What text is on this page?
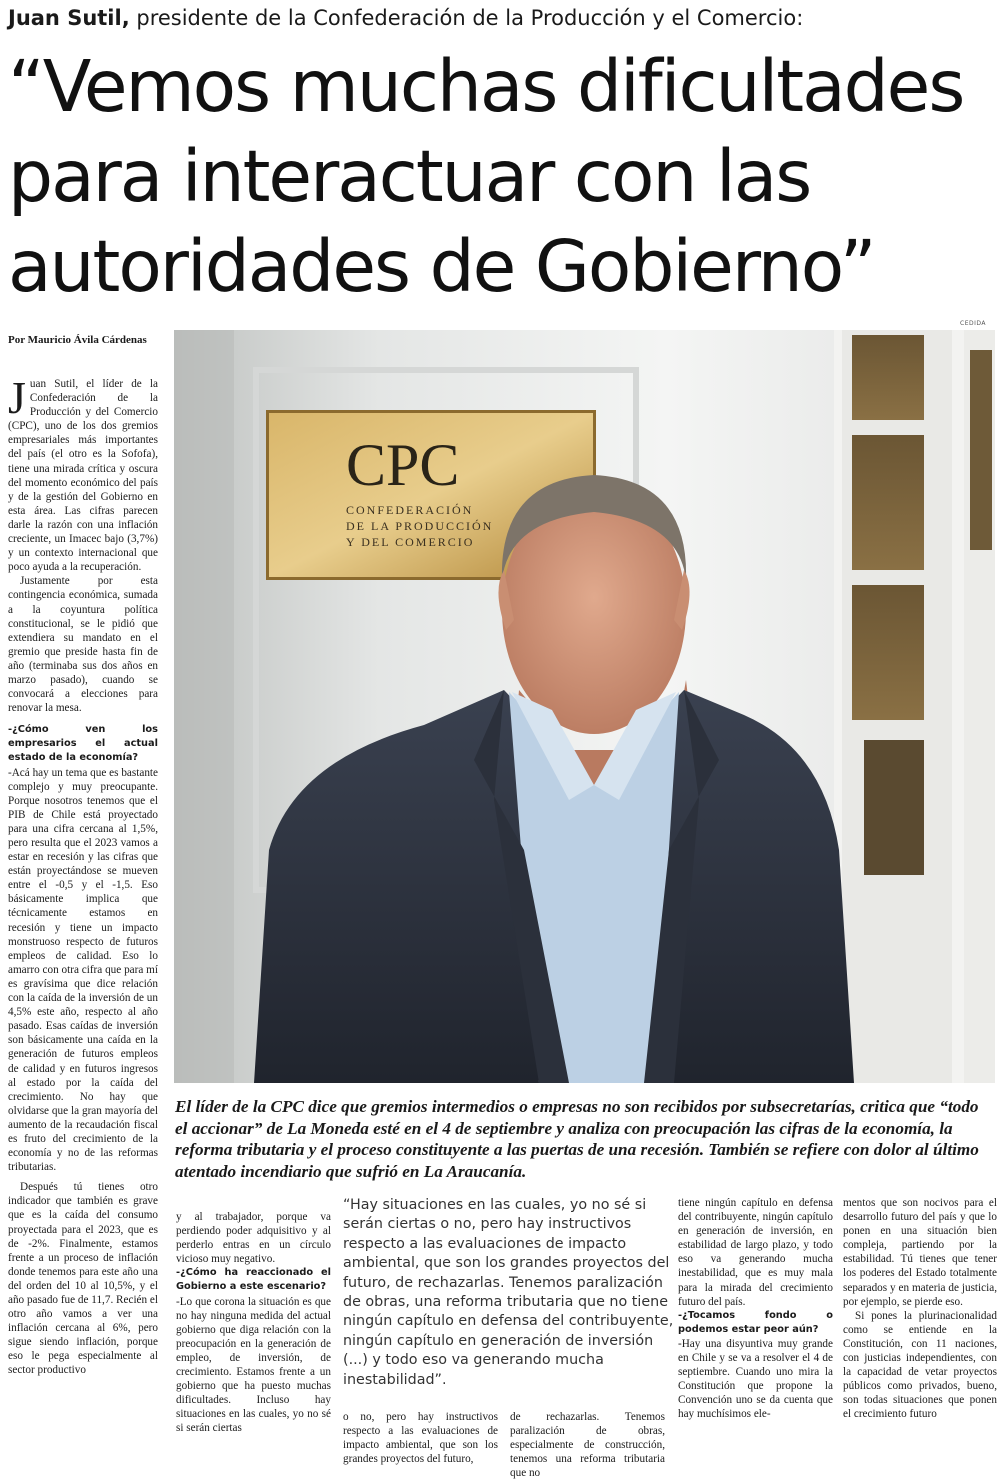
Juan Sutil, presidente de la Confederación de la Producción y el Comercio:
“Vemos muchas dificultades para interactuar con las autoridades de Gobierno”
Por Mauricio Ávila Cárdenas
CEDIDA
CPC
CONFEDERACIÓN
DE LA PRODUCCIÓN
Y DEL COMERCIO

Juan Sutil, el líder de la Confederación de la Producción y del Comercio (CPC), uno de los dos gremios empresariales más importantes del país (el otro es la Sofofa), tiene una mirada crítica y oscura del momento económico del país y de la gestión del Gobierno en esta área. Las cifras parecen darle la razón con una inflación creciente, un Imacec bajo (3,7%) y un contexto internacional que poco ayuda a la recuperación.

Justamente por esta contingencia económica, sumada a la coyuntura política constitucional, se le pidió que extendiera su mandato en el gremio que preside hasta fin de año (terminaba sus dos años en marzo pasado), cuando se convocará a elecciones para renovar la mesa.

-¿Cómo ven los empresarios el actual estado de la economía?

-Acá hay un tema que es bastante complejo y muy preocupante. Porque nosotros tenemos que el PIB de Chile está proyectado para una cifra cercana al 1,5%, pero resulta que el 2023 vamos a estar en recesión y las cifras que están proyectándose se mueven entre el -0,5 y el -1,5. Eso básicamente implica que técnicamente estamos en recesión y tiene un impacto monstruoso respecto de futuros empleos de calidad. Eso lo amarro con otra cifra que para mí es gravísima que dice relación con la caída de la inversión de un 4,5% este año, respecto al año pasado. Esas caídas de inversión son básicamente una caída en la generación de futuros empleos de calidad y en futuros ingresos al estado por la caída del crecimiento. No hay que olvidarse que la gran mayoría del aumento de la recaudación fiscal es fruto del crecimiento de la economía y no de las reformas tributarias.

Después tú tienes otro indicador que también es grave que es la caída del consumo proyectada para el 2023, que es de -2%. Finalmente, estamos frente a un proceso de inflación donde tenemos para este año una del orden del 10 al 10,5%, y el año pasado fue de 11,7. Recién el otro año vamos a ver una inflación cercana al 6%, pero sigue siendo inflación, porque eso le pega especialmente al sector productivo

El líder de la CPC dice que gremios intermedios o empresas no son recibidos por subsecretarías, critica que “todo el accionar” de La Moneda esté en el 4 de septiembre y analiza con preocupación las cifras de la economía, la reforma tributaria y el proceso constituyente a las puertas de una recesión. También se refiere con dolor al último atentado incendiario que sufrió en La Araucanía.

y al trabajador, porque va perdiendo poder adquisitivo y al perderlo entras en un círculo vicioso muy negativo.

-¿Cómo ha reaccionado el Gobierno a este escenario?

-Lo que corona la situación es que no hay ninguna medida del actual gobierno que diga relación con la preocupación en la generación de empleo, de inversión, de crecimiento. Estamos frente a un gobierno que ha puesto muchas dificultades. Incluso hay situaciones en las cuales, yo no sé si serán ciertas

“Hay situaciones en las cuales, yo no sé si serán ciertas o no, pero hay instructivos respecto a las evaluaciones de impacto ambiental, que son los grandes proyectos del futuro, de rechazarlas. Tenemos paralización de obras, una reforma tributaria que no tiene ningún capítulo en defensa del contribuyente, ningún capítulo en generación de inversión (...) y todo eso va generando mucha inestabilidad”.
o no, pero hay instructivos respecto a las evaluaciones de impacto ambiental, que son los grandes proyectos del futuro,
de rechazarlas. Tenemos paralización de obras, especialmente de construcción, tenemos una reforma tributaria que no

tiene ningún capítulo en defensa del contribuyente, ningún capítulo en generación de inversión, en estabilidad de largo plazo, y todo eso va generando mucha inestabilidad, que es muy mala para la mirada del crecimiento futuro del país.

-¿Tocamos fondo o podemos estar peor aún?

-Hay una disyuntiva muy grande en Chile y se va a resolver el 4 de septiembre. Cuando uno mira la Constitución que propone la Convención uno se da cuenta que hay muchísimos ele-

mentos que son nocivos para el desarrollo futuro del país y que lo ponen en una situación bien compleja, partiendo por la estabilidad. Tú tienes que tener los poderes del Estado totalmente separados y en materia de justicia, por ejemplo, se pierde eso.

Si pones la plurinacionalidad como se entiende en la Constitución, con 11 naciones, con justicias independientes, con la capacidad de vetar proyectos públicos como privados, bueno, son todas situaciones que ponen el crecimiento futuro
